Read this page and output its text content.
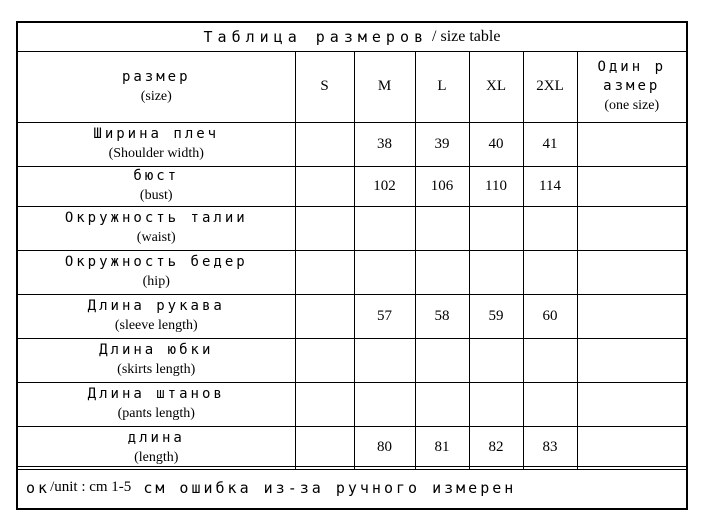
Таблица размеров / size table
размер
(size)	S	M	L	XL	2XL	Один р
азмер
(one size)

Ширина плеч
(Shoulder width)		38	39	40	41	

бюст
(bust)		102	106	110	114	

Окружность талии
(waist)						

Окружность бедер
(hip)						

Длина рукава
(sleeve length)		57	58	59	60	

Длина юбки
(skirts length)						

Длина штанов
(pants length)						

длина
(length)		80	81	82	83	
ок /unit : cm 1-5 см ошибка из-за ручного измерен
